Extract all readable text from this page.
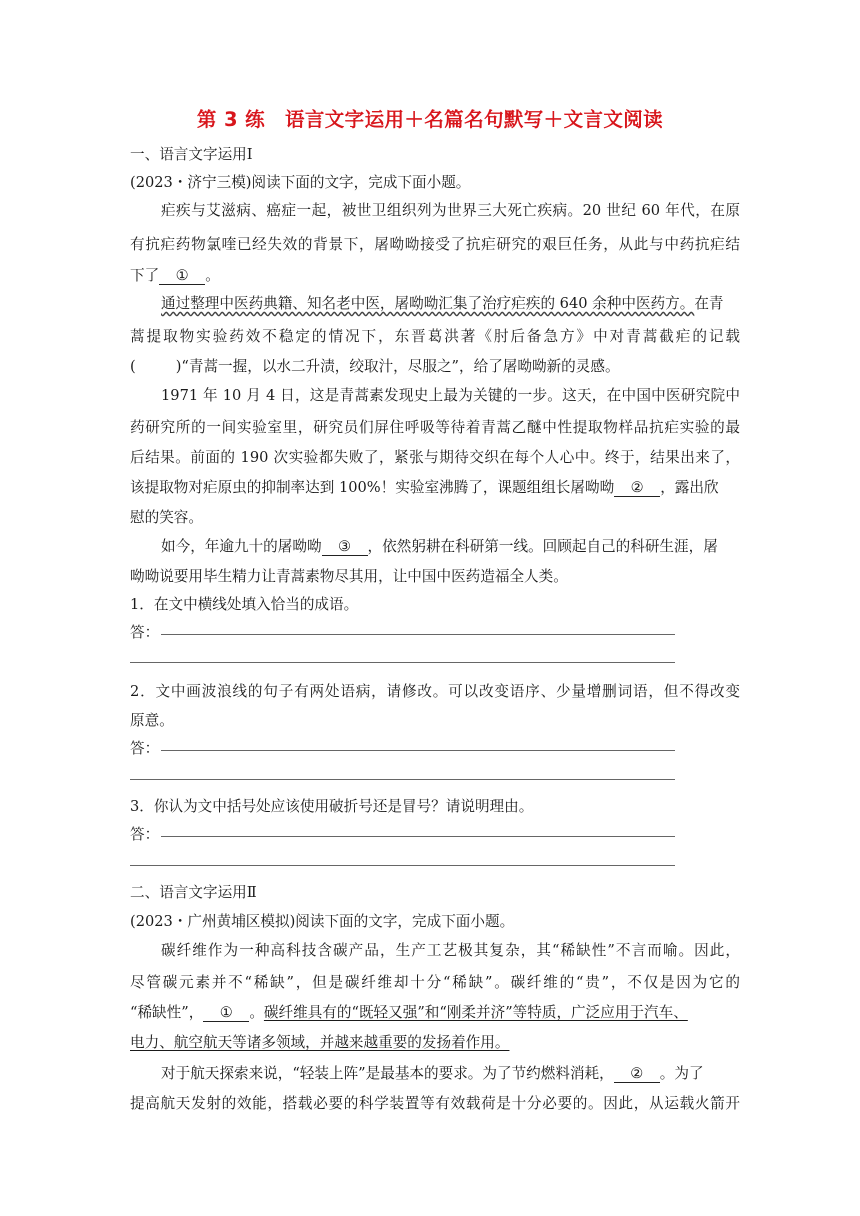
第 3 练　语言文字运用＋名篇名句默写＋文言文阅读
一、语言文字运用Ⅰ
(2023・济宁三模)阅读下面的文字，完成下面小题。
疟疾与艾滋病、癌症一起，被世卫组织列为世界三大死亡疾病。20 世纪 60 年代，在原
有抗疟药物氯喹已经失效的背景下，屠呦呦接受了抗疟研究的艰巨任务，从此与中药抗疟结
下了 ① 。
通过整理中医药典籍、知名老中医，屠呦呦汇集了治疗疟疾的 640 余种中医药方。在青
蒿提取物实验药效不稳定的情况下，东晋葛洪著《肘后备急方》中对青蒿截疟的记载
(	)“青蒿一握，以水二升渍，绞取汁，尽服之”，给了屠呦呦新的灵感。
1971 年 10 月 4 日，这是青蒿素发现史上最为关键的一步。这天，在中国中医研究院中
药研究所的一间实验室里，研究员们屏住呼吸等待着青蒿乙醚中性提取物样品抗疟实验的最
后结果。前面的 190 次实验都失败了，紧张与期待交织在每个人心中。终于，结果出来了，
该提取物对疟原虫的抑制率达到 100%！实验室沸腾了，课题组组长屠呦呦 ② ，露出欣
慰的笑容。
如今，年逾九十的屠呦呦 ③ ，依然躬耕在科研第一线。回顾起自己的科研生涯，屠
呦呦说要用毕生精力让青蒿素物尽其用，让中国中医药造福全人类。
1．在文中横线处填入恰当的成语。
答：
2．文中画波浪线的句子有两处语病，请修改。可以改变语序、少量增删词语，但不得改变
原意。
答：
3．你认为文中括号处应该使用破折号还是冒号？请说明理由。
答：
二、语言文字运用Ⅱ
(2023・广州黄埔区模拟)阅读下面的文字，完成下面小题。
碳纤维作为一种高科技含碳产品，生产工艺极其复杂，其“稀缺性”不言而喻。因此，
尽管碳元素并不“稀缺”，但是碳纤维却十分“稀缺”。碳纤维的“贵”，不仅是因为它的
“稀缺性”， ① 。碳纤维具有的“既轻又强”和“刚柔并济”等特质，广泛应用于汽车、
电力、航空航天等诸多领域，并越来越重要的发扬着作用。
对于航天探索来说，“轻装上阵”是最基本的要求。为了节约燃料消耗， ② 。为了
提高航天发射的效能，搭载必要的科学装置等有效载荷是十分必要的。因此，从运载火箭开
